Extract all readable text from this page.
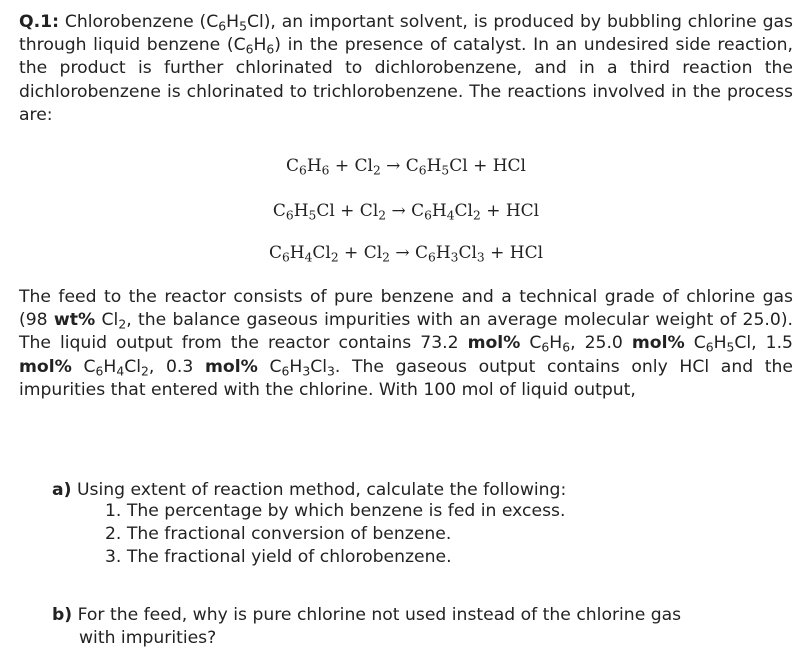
Q.1: Chlorobenzene $(C_6H_5Cl)$, an important solvent, is produced by bubbling chlorine gas through liquid benzene $(C_6H_6)$ in the presence of catalyst. In an undesired side reaction, the product is further chlorinated to dichlorobenzene, and in a third reaction the dichlorobenzene is chlorinated to trichlorobenzene. The reactions involved in the process are:

$C_6H_6 + Cl_2 \to C_6H_5Cl$ + HCl
$C_6H_5Cl + Cl_2 \to C_6H_4Cl_2$ + HCl
$C_6H_4Cl_2 + Cl_2 \to C_6H_3Cl_3$ + HCl

The feed to the reactor consists of pure benzene and a technical grade of chlorine gas (98 wt% $Cl_2$, the balance gaseous impurities with an average molecular weight of 25.0). The liquid output from the reactor contains 73.2 mol% $C_6H_6$, 25.0 mol% $C_6H_5Cl$, 1.5 mol% $C_6H_4Cl_2$, 0.3 mol% $C_6H_3Cl_3$. The gaseous output contains only HCl and the impurities that entered with the chlorine. With 100 mol of liquid output,

a) Using extent of reaction method, calculate the following:
1. The percentage by which benzene is fed in excess.
2. The fractional conversion of benzene.
3. The fractional yield of chlorobenzene.
b) For the feed, why is pure chlorine not used instead of the chlorine gas
with impurities?
